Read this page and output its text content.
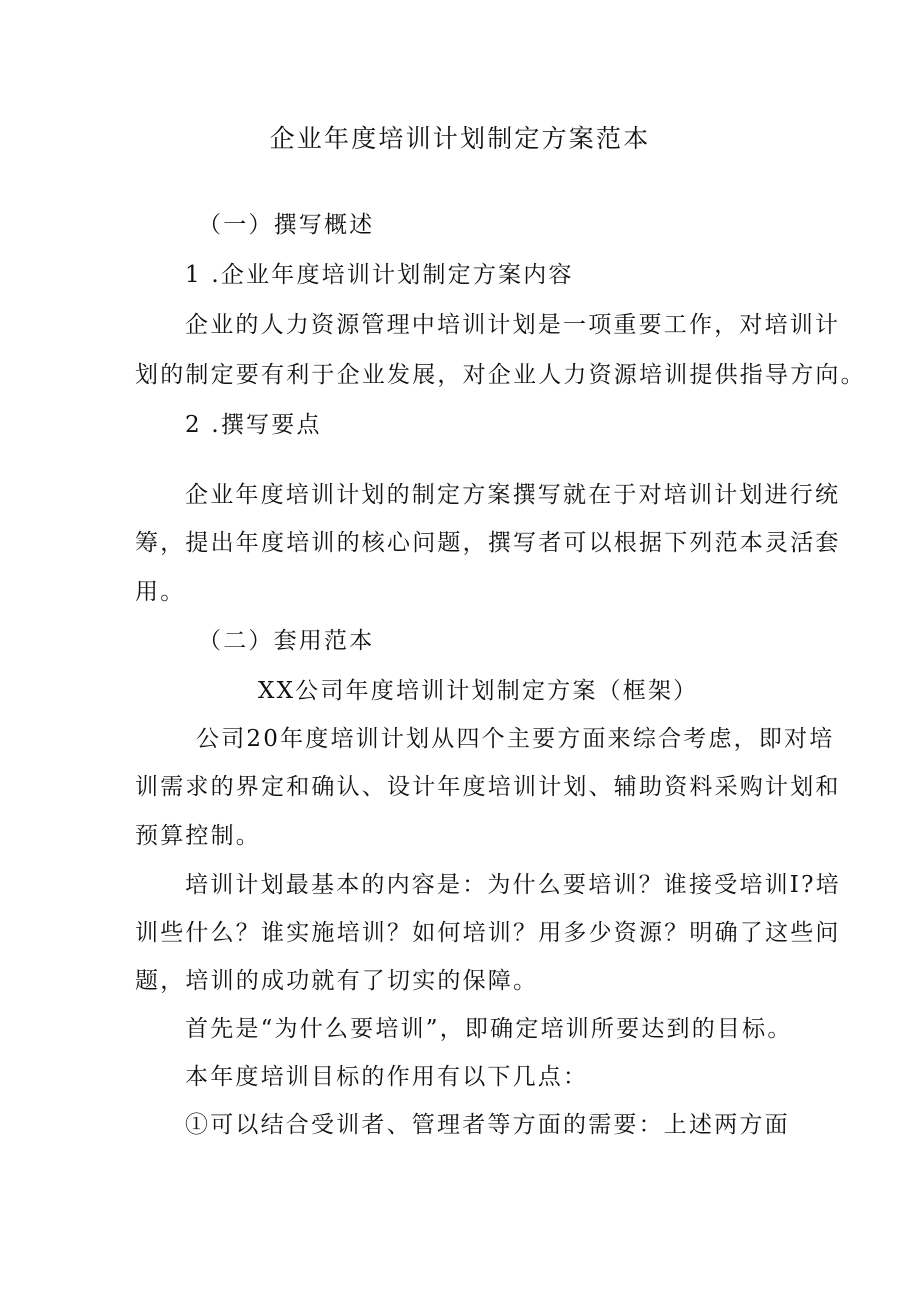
企业年度培训计划制定方案范本
（一）撰写概述
1 .企业年度培训计划制定方案内容
企业的人力资源管理中培训计划是一项重要工作，对培训计
划的制定要有利于企业发展，对企业人力资源培训提供指导方向。
2 .撰写要点
企业年度培训计划的制定方案撰写就在于对培训计划进行统
筹，提出年度培训的核心问题，撰写者可以根据下列范本灵活套
用。
（二）套用范本
XX公司年度培训计划制定方案（框架）
公司20年度培训计划从四个主要方面来综合考虑，即对培
训需求的界定和确认、设计年度培训计划、辅助资料采购计划和
预算控制。
培训计划最基本的内容是：为什么要培训？谁接受培训I?培
训些什么？谁实施培训？如何培训？用多少资源？明确了这些问
题，培训的成功就有了切实的保障。
首先是“为什么要培训”，即确定培训所要达到的目标。
本年度培训目标的作用有以下几点：
①可以结合受训者、管理者等方面的需要：上述两方面
